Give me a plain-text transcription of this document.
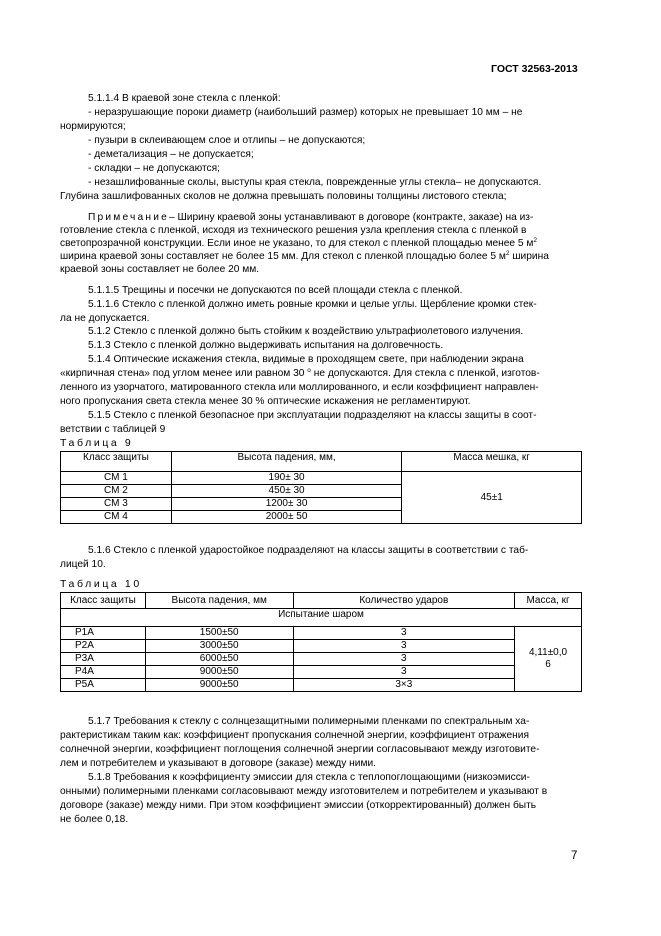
ГОСТ 32563-2013
5.1.1.4 В краевой зоне стекла с пленкой:
- неразрушающие пороки диаметр (наибольший размер) которых не превышает 10 мм – не
нормируются;
- пузыри в склеивающем слое и отлипы – не допускаются;
- деметализация – не допускается;
- складки – не допускаются;
- незашлифованные сколы, выступы края стекла, поврежденные углы стекла– не допускаются.
Глубина зашлифованных сколов не должна превышать половины толщины листового стекла;
Примечание– Ширину краевой зоны устанавливают в договоре (контракте, заказе) на из-
готовление стекла с пленкой, исходя из технического решения узла крепления стекла с пленкой в
светопрозрачной конструкции. Если иное не указано, то для стекол с пленкой площадью менее 5 $м^2$
ширина краевой зоны составляет не более 15 мм. Для стекол с пленкой площадью более 5 $м^2$ ширина
краевой зоны составляет не более 20 мм.
5.1.1.5 Трещины и посечки не допускаются по всей площади стекла с пленкой.
5.1.1.6 Стекло с пленкой должно иметь ровные кромки и целые углы. Щербление кромки стек-
ла не допускается.
5.1.2 Стекло с пленкой должно быть стойким к воздействию ультрафиолетового излучения.
5.1.3 Стекло с пленкой должно выдерживать испытания на долговечность.
5.1.4 Оптические искажения стекла, видимые в проходящем свете, при наблюдении экрана
«кирпичная стена» под углом менее или равном 30 $^о$ не допускаются. Для стекла с пленкой, изготов-
ленного из узорчатого, матированного стекла или моллированного, и если коэффициент направлен-
ного пропускания света стекла менее 30 % оптические искажения не регламентируют.
5.1.5 Стекло с пленкой безопасное при эксплуатации подразделяют на классы защиты в соот-
ветствии с таблицей 9
Таблица 9
Класс защиты	Высота падения, мм,	Масса мешка, кг
СМ 1	190± 30	45±1
СМ 2	450± 30	
СМ 3	1200± 30	
СМ 4	2000± 50	
5.1.6 Стекло с пленкой ударостойкое подразделяют на классы защиты в соответствии с таб-
лицей 10.
Таблица 10
Класс защиты	Высота падения, мм	Количество ударов	Масса, кг
Испытание шаром			
Р1А	1500±50	3	4,11±0,0
6
Р2А	3000±50	3	
Р3А	6000±50	3	
Р4А	9000±50	3	
Р5А	9000±50	3×3	
5.1.7 Требования к стеклу с солнцезащитными полимерными пленками по спектральным ха-
рактеристикам таким как: коэффициент пропускания солнечной энергии, коэффициент отражения
солнечной энергии, коэффициент поглощения солнечной энергии согласовывают между изготовите-
лем и потребителем и указывают в договоре (заказе) между ними.
5.1.8 Требования к коэффициенту эмиссии для стекла с теплопоглощающими (низкоэмисси-
онными) полимерными пленками согласовывают между изготовителем и потребителем и указывают в
договоре (заказе) между ними. При этом коэффициент эмиссии (откорректированный) должен быть
не более 0,18.
7
